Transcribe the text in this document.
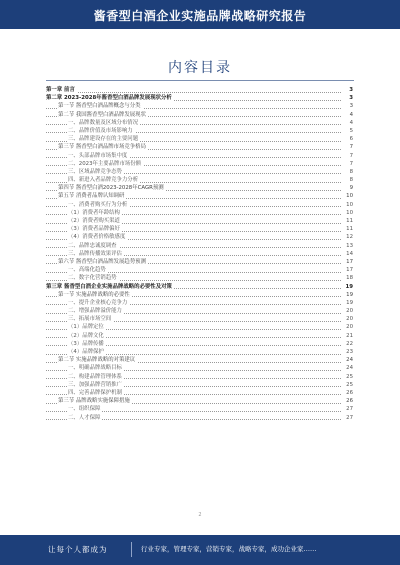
酱香型白酒企业实施品牌战略研究报告
内容目录
第一章 前言	3
第二章 2023-2028年酱香型白酒品牌发展现状分析	3
第一节 酱香型白酒品牌概念与分类	3
第二节 我国酱香型白酒品牌发展现状	4
一、品牌数量及区域分布情况	4
二、品牌价值及市场影响力	5
三、品牌建设存在的主要问题	6
第三节 酱香型白酒品牌市场竞争格局	7
一、头部品牌市场集中度	7
二、2023年主要品牌市场份额	7
三、区域品牌竞争态势	8
四、新进入者品牌竞争力分析	8
第四节 酱香型白酒2023-2028年CAGR预测	9
第五节 消费者品牌认知调研	10
一、消费者购买行为分析	10
（1）消费者年龄结构	10
（2）消费者购买渠道	11
（3）消费者品牌偏好	11
（4）消费者价格敏感度	12
二、品牌忠诚度调查	13
三、品牌传播效果评估	14
第六节 酱香型白酒品牌发展趋势预测	17
一、高端化趋势	17
二、数字化营销趋势	18
第三章 酱香型白酒企业实施品牌战略的必要性及对策	19
第一节 实施品牌战略的必要性	19
一、提升企业核心竞争力	19
二、增强品牌溢价能力	20
三、拓展市场空间	20
（1）品牌定位	20
（2）品牌文化	21
（3）品牌传播	22
（4）品牌保护	23
第二节 实施品牌战略的对策建议	24
一、明确品牌战略目标	24
二、构建品牌管理体系	25
三、加强品牌营销推广	25
四、完善品牌保护机制	26
第三节 品牌战略实施保障措施	26
一、组织保障	27
二、人才保障	27
2
让每个人都成为	行业专家，管理专家，营销专家，战略专家，成功企业家……
